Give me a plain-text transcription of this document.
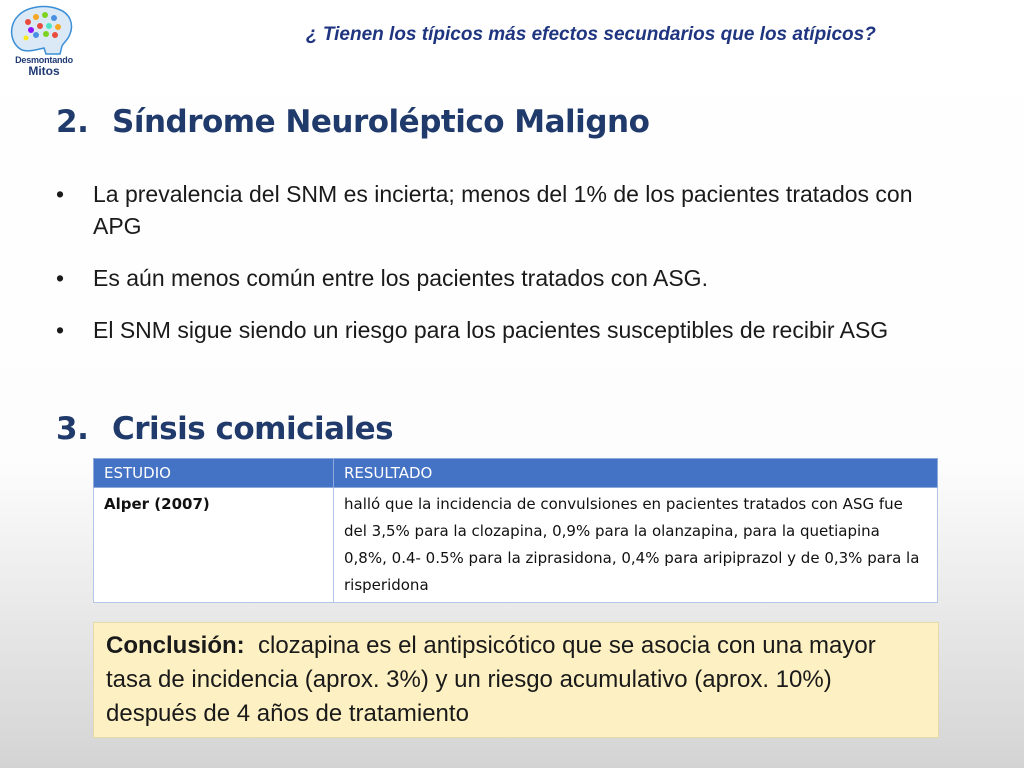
Desmontando
Mitos
¿ Tienen los típicos más efectos secundarios que los atípicos?
2. Síndrome Neuroléptico Maligno
• La prevalencia del SNM es incierta; menos del 1% de los pacientes tratados con APG
• Es aún menos común entre los pacientes tratados con ASG.
• El SNM sigue siendo un riesgo para los pacientes susceptibles de recibir ASG
3. Crisis comiciales
ESTUDIO	RESULTADO
Alper (2007)	halló que la incidencia de convulsiones en pacientes tratados con ASG fue del 3,5% para la clozapina, 0,9% para la olanzapina, para la quetiapina 0,8%, 0.4- 0.5% para la ziprasidona, 0,4% para aripiprazol y de 0,3% para la risperidona
Conclusión: clozapina es el antipsicótico que se asocia con una mayor tasa de incidencia (aprox. 3%) y un riesgo acumulativo (aprox. 10%) después de 4 años de tratamiento
